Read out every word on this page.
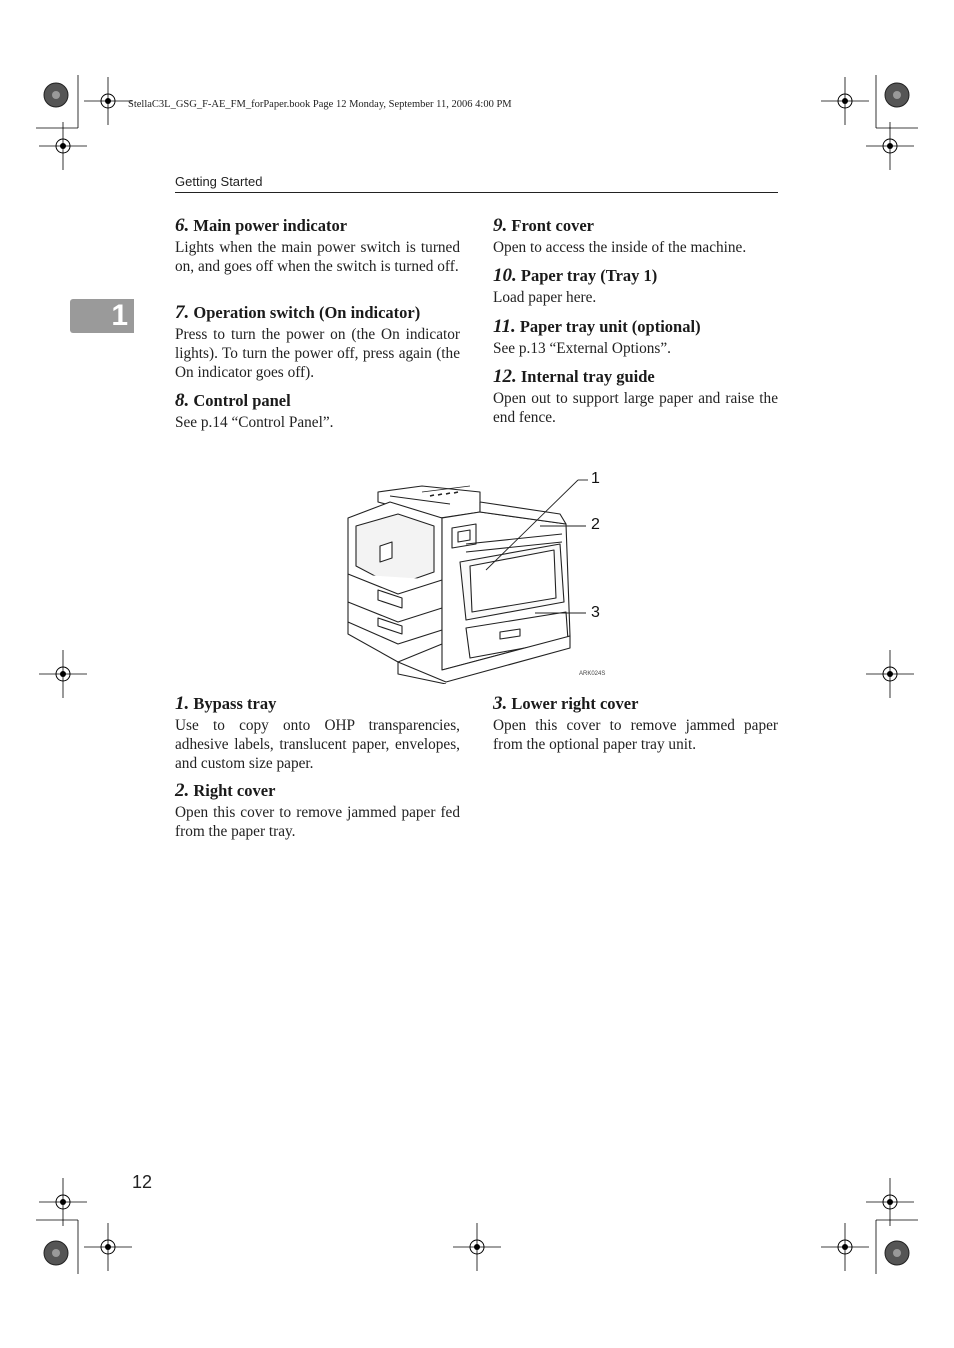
StellaC3L_GSG_F-AE_FM_forPaper.book Page 12 Monday, September 11, 2006 4:00 PM
Getting Started
1
6. Main power indicator
Lights when the main power switch is turned on, and goes off when the switch is turned off.
7. Operation switch (On indicator)
Press to turn the power on (the On indicator lights). To turn the power off, press again (the On indicator goes off).
8. Control panel
See p.14 “Control Panel”.
9. Front cover
Open to access the inside of the machine.
10. Paper tray (Tray 1)
Load paper here.
11. Paper tray unit (optional)
See p.13 “External Options”.
12. Internal tray guide
Open out to support large paper and raise the end fence.
1
2
3
ARK024S
1. Bypass tray
Use to copy onto OHP transparencies, adhesive labels, translucent paper, envelopes, and custom size paper.
2. Right cover
Open this cover to remove jammed paper fed from the paper tray.
3. Lower right cover
Open this cover to remove jammed paper from the optional paper tray unit.
12
